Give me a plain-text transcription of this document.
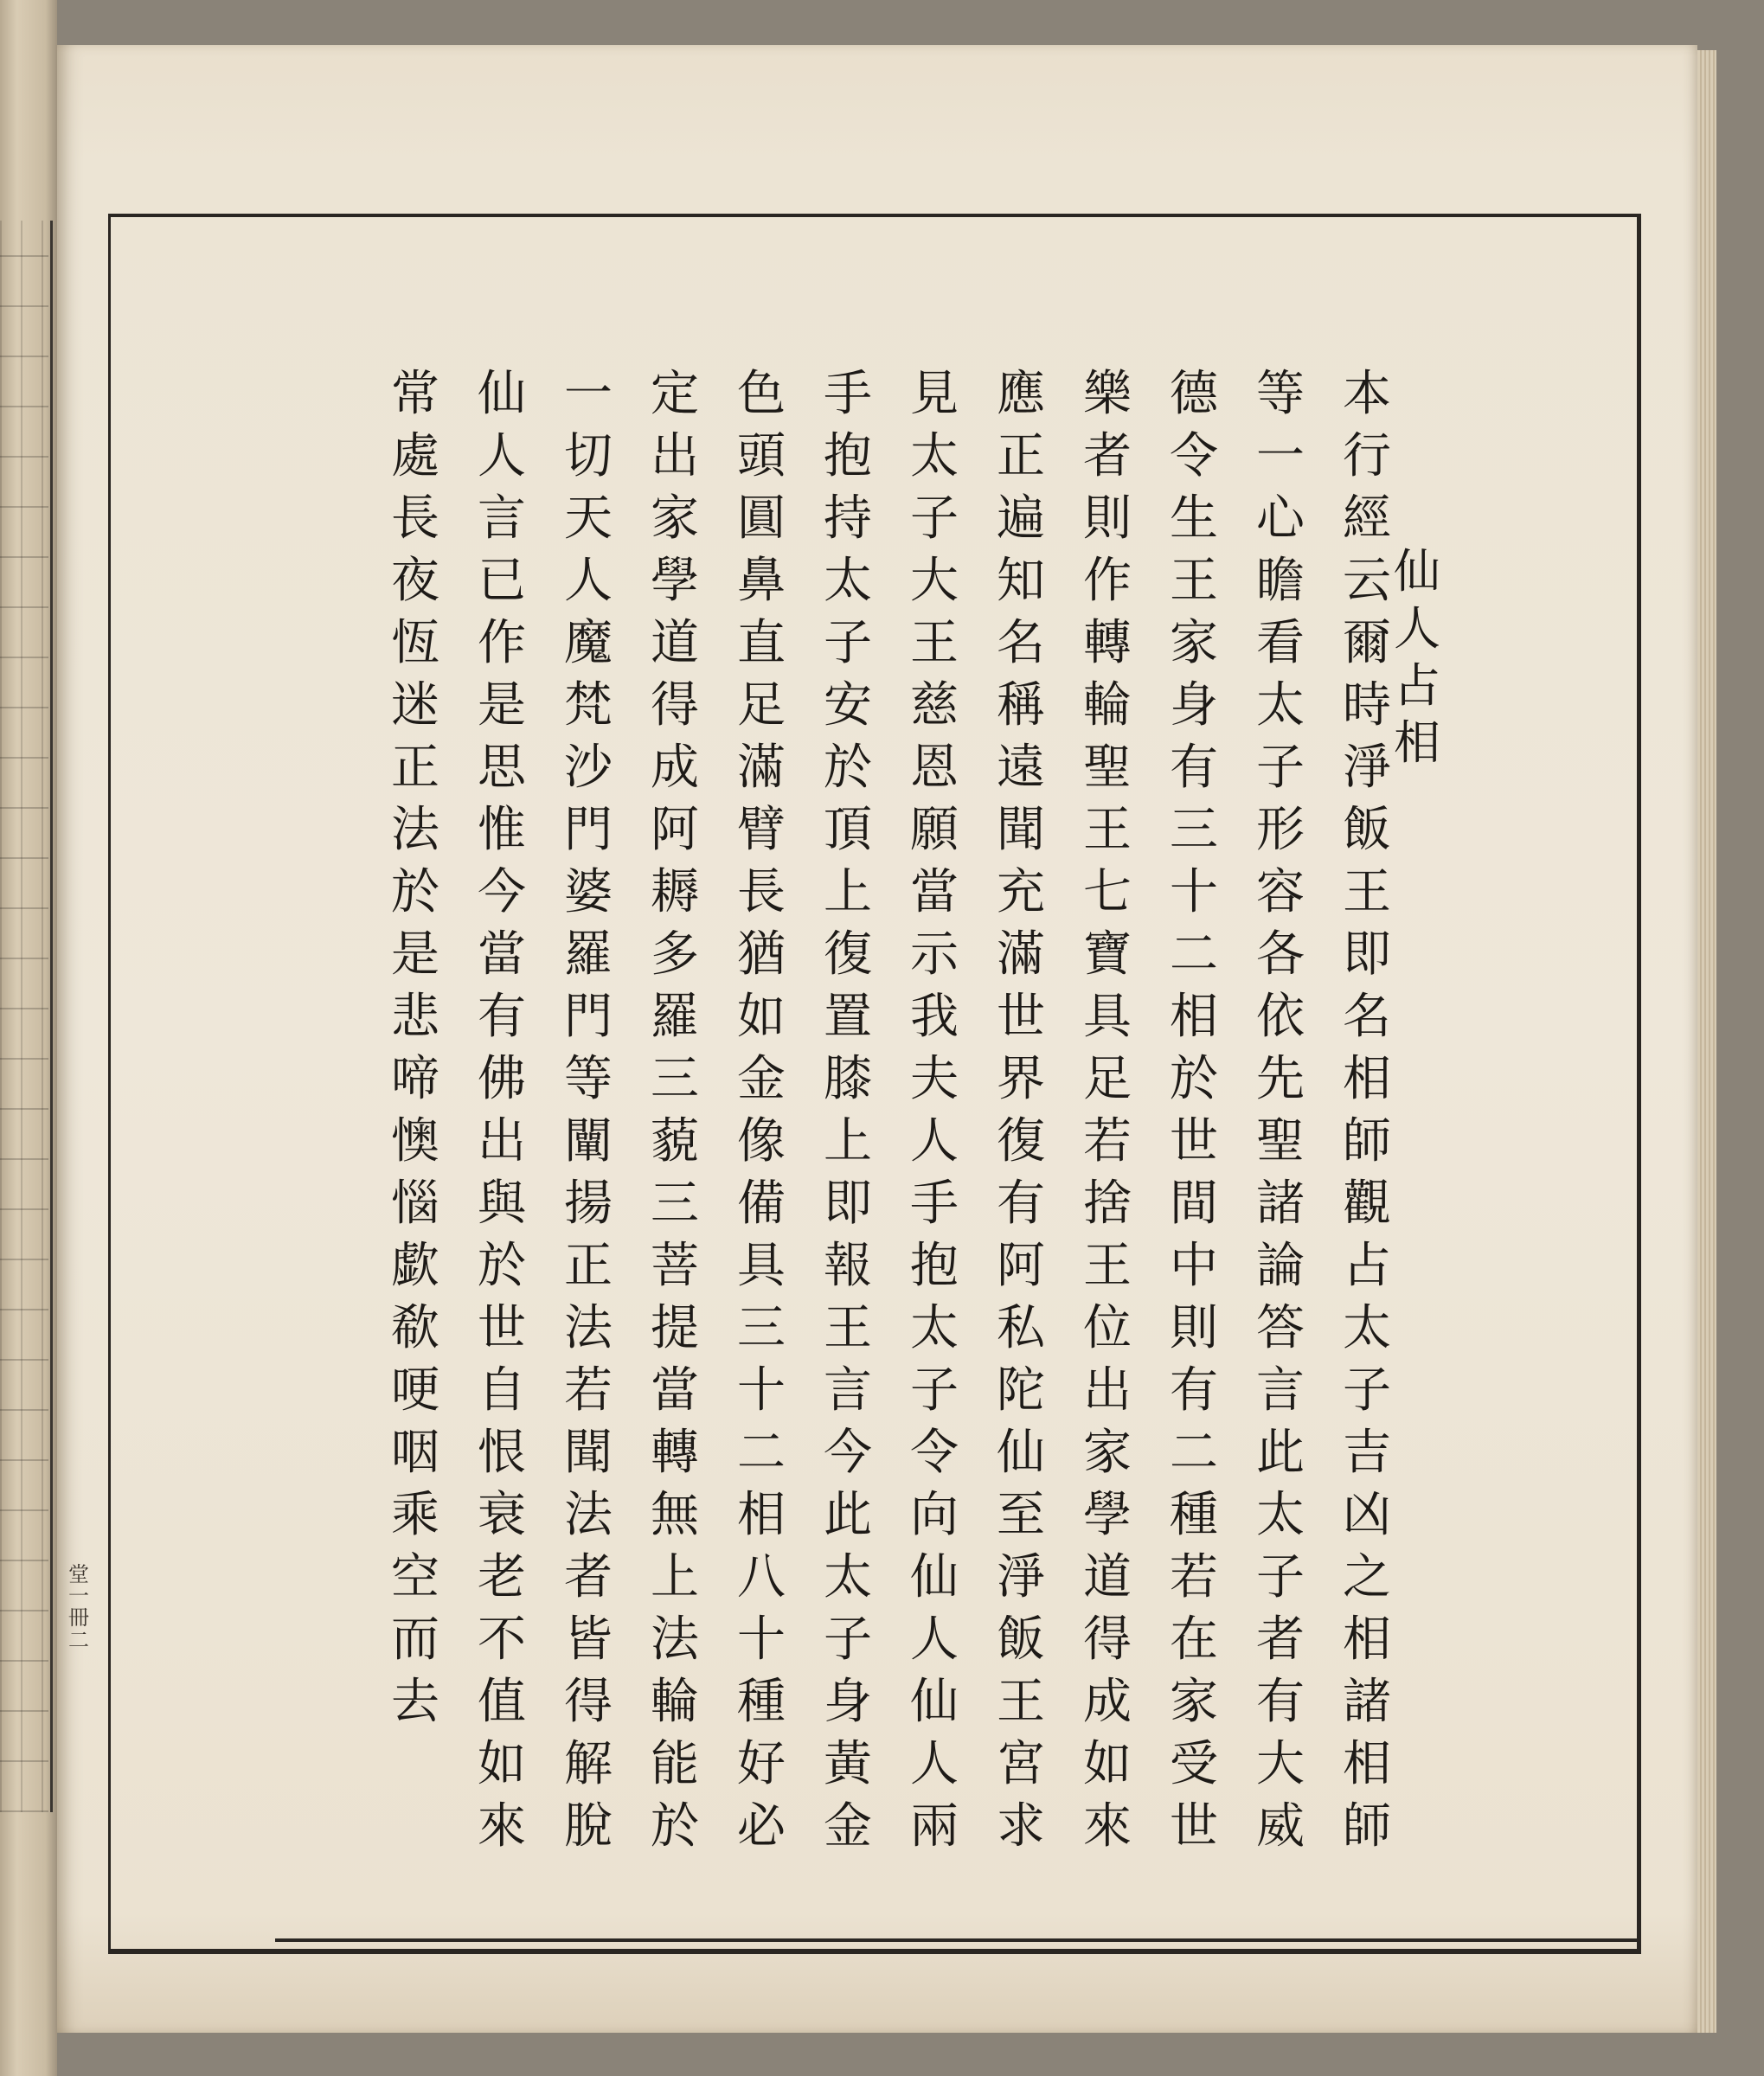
堂
一
冊
二
仙
人
占
相
本
行
經
云
爾
時
淨
飯
王
即
名
相
師
觀
占
太
子
吉
凶
之
相
諸
相
師
等
一
心
瞻
看
太
子
形
容
各
依
先
聖
諸
論
答
言
此
太
子
者
有
大
威
德
令
生
王
家
身
有
三
十
二
相
於
世
間
中
則
有
二
種
若
在
家
受
世
樂
者
則
作
轉
輪
聖
王
七
寶
具
足
若
捨
王
位
出
家
學
道
得
成
如
來
應
正
遍
知
名
稱
遠
聞
充
滿
世
界
復
有
阿
私
陀
仙
至
淨
飯
王
宮
求
見
太
子
大
王
慈
恩
願
當
示
我
夫
人
手
抱
太
子
令
向
仙
人
仙
人
兩
手
抱
持
太
子
安
於
頂
上
復
置
膝
上
即
報
王
言
今
此
太
子
身
黃
金
色
頭
圓
鼻
直
足
滿
臂
長
猶
如
金
像
備
具
三
十
二
相
八
十
種
好
必
定
出
家
學
道
得
成
阿
耨
多
羅
三
藐
三
菩
提
當
轉
無
上
法
輪
能
於
一
切
天
人
魔
梵
沙
門
婆
羅
門
等
闡
揚
正
法
若
聞
法
者
皆
得
解
脫
仙
人
言
已
作
是
思
惟
今
當
有
佛
出
與
於
世
自
恨
衰
老
不
值
如
來
常
處
長
夜
恆
迷
正
法
於
是
悲
啼
懊
惱
歔
欷
哽
咽
乘
空
而
去
